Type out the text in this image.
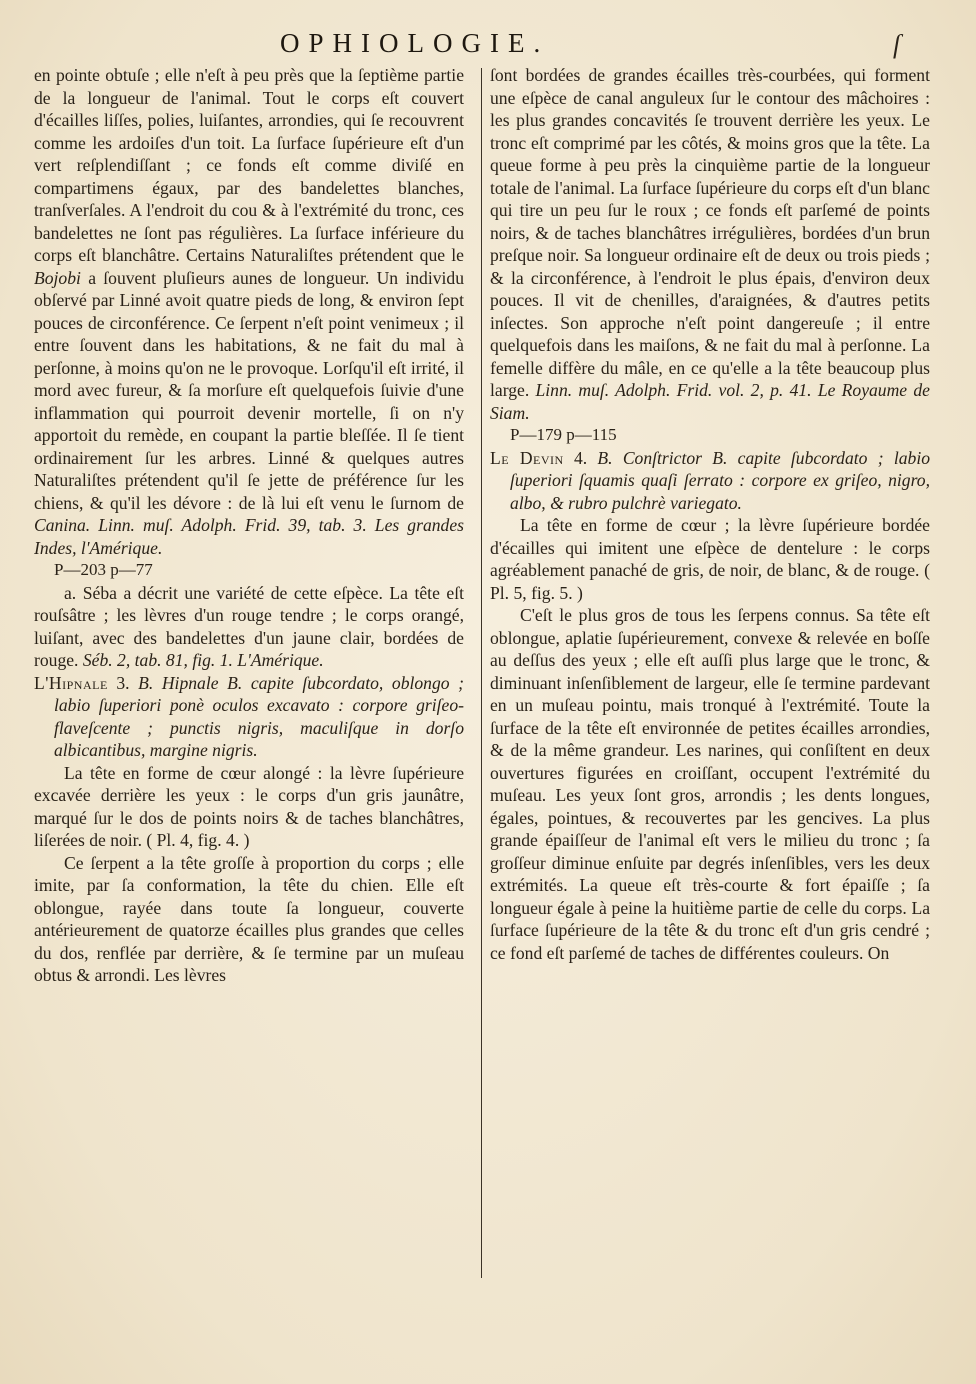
OPHIOLOGIE.	ſ

en pointe obtuſe ; elle n'eſt à peu près que la ſeptième partie de la longueur de l'animal. Tout le corps eſt couvert d'écailles liſſes, polies, luiſantes, arrondies, qui ſe recouvrent comme les ardoiſes d'un toit. La ſurface ſupérieure eſt d'un vert reſplendiſſant ; ce fonds eſt comme diviſé en compartimens égaux, par des bandelettes blanches, tranſverſales. A l'endroit du cou & à l'extrémité du tronc, ces bandelettes ne ſont pas régulières. La ſurface inférieure du corps eſt blanchâtre. Certains Naturaliſtes prétendent que le Bojobi a ſouvent pluſieurs aunes de longueur. Un individu obſervé par Linné avoit quatre pieds de long, & environ ſept pouces de circonférence. Ce ſerpent n'eſt point venimeux ; il entre ſouvent dans les habitations, & ne fait du mal à perſonne, à moins qu'on ne le provoque. Lorſqu'il eſt irrité, il mord avec fureur, & ſa morſure eſt quelquefois ſuivie d'une inflammation qui pourroit devenir mortelle, ſi on n'y apportoit du remède, en coupant la partie bleſſée. Il ſe tient ordinairement ſur les arbres. Linné & quelques autres Naturaliſtes prétendent qu'il ſe jette de préférence ſur les chiens, & qu'il les dévore : de là lui eſt venu le ſurnom de Canina. Linn. muſ. Adolph. Frid. 39, tab. 3. Les grandes Indes, l'Amérique.

P—203 p—77

a. Séba a décrit une variété de cette eſpèce. La tête eſt rouſsâtre ; les lèvres d'un rouge tendre ; le corps orangé, luiſant, avec des bandelettes d'un jaune clair, bordées de rouge. Séb. 2, tab. 81, fig. 1. L'Amérique.

L'Hipnale 3. B. Hipnale B. capite ſubcordato, oblongo ; labio ſuperiori ponè oculos excavato : corpore griſeo-flaveſcente ; punctis nigris, maculiſque in dorſo albicantibus, margine nigris.

La tête en forme de cœur alongé : la lèvre ſupérieure excavée derrière les yeux : le corps d'un gris jaunâtre, marqué ſur le dos de points noirs & de taches blanchâtres, liſerées de noir. ( Pl. 4, fig. 4. )

Ce ſerpent a la tête groſſe à proportion du corps ; elle imite, par ſa conformation, la tête du chien. Elle eſt oblongue, rayée dans toute ſa longueur, couverte antérieurement de quatorze écailles plus grandes que celles du dos, renflée par derrière, & ſe termine par un muſeau obtus & arrondi. Les lèvres

ſont bordées de grandes écailles très-courbées, qui forment une eſpèce de canal anguleux ſur le contour des mâchoires : les plus grandes concavités ſe trouvent derrière les yeux. Le tronc eſt comprimé par les côtés, & moins gros que la tête. La queue forme à peu près la cinquième partie de la longueur totale de l'animal. La ſurface ſupérieure du corps eſt d'un blanc qui tire un peu ſur le roux ; ce fonds eſt parſemé de points noirs, & de taches blanchâtres irrégulières, bordées d'un brun preſque noir. Sa longueur ordinaire eſt de deux ou trois pieds ; & la circonférence, à l'endroit le plus épais, d'environ deux pouces. Il vit de chenilles, d'araignées, & d'autres petits inſectes. Son approche n'eſt point dangereuſe ; il entre quelquefois dans les maiſons, & ne fait du mal à perſonne. La femelle diffère du mâle, en ce qu'elle a la tête beaucoup plus large. Linn. muſ. Adolph. Frid. vol. 2, p. 41. Le Royaume de Siam.

P—179 p—115

Le Devin 4. B. Conſtrictor B. capite ſubcordato ; labio ſuperiori ſquamis quaſi ſerrato : corpore ex griſeo, nigro, albo, & rubro pulchrè variegato.

La tête en forme de cœur ; la lèvre ſupérieure bordée d'écailles qui imitent une eſpèce de dentelure : le corps agréablement panaché de gris, de noir, de blanc, & de rouge. ( Pl. 5, fig. 5. )

C'eſt le plus gros de tous les ſerpens connus. Sa tête eſt oblongue, aplatie ſupérieurement, convexe & relevée en boſſe au deſſus des yeux ; elle eſt auſſi plus large que le tronc, & diminuant inſenſiblement de largeur, elle ſe termine pardevant en un muſeau pointu, mais tronqué à l'extrémité. Toute la ſurface de la tête eſt environnée de petites écailles arrondies, & de la même grandeur. Les narines, qui conſiſtent en deux ouvertures figurées en croiſſant, occupent l'extrémité du muſeau. Les yeux ſont gros, arrondis ; les dents longues, égales, pointues, & recouvertes par les gencives. La plus grande épaiſſeur de l'animal eſt vers le milieu du tronc ; ſa groſſeur diminue enſuite par degrés inſenſibles, vers les deux extrémités. La queue eſt très-courte & fort épaiſſe ; ſa longueur égale à peine la huitième partie de celle du corps. La ſurface ſupérieure de la tête & du tronc eſt d'un gris cendré ; ce fond eſt parſemé de taches de différentes couleurs. On
